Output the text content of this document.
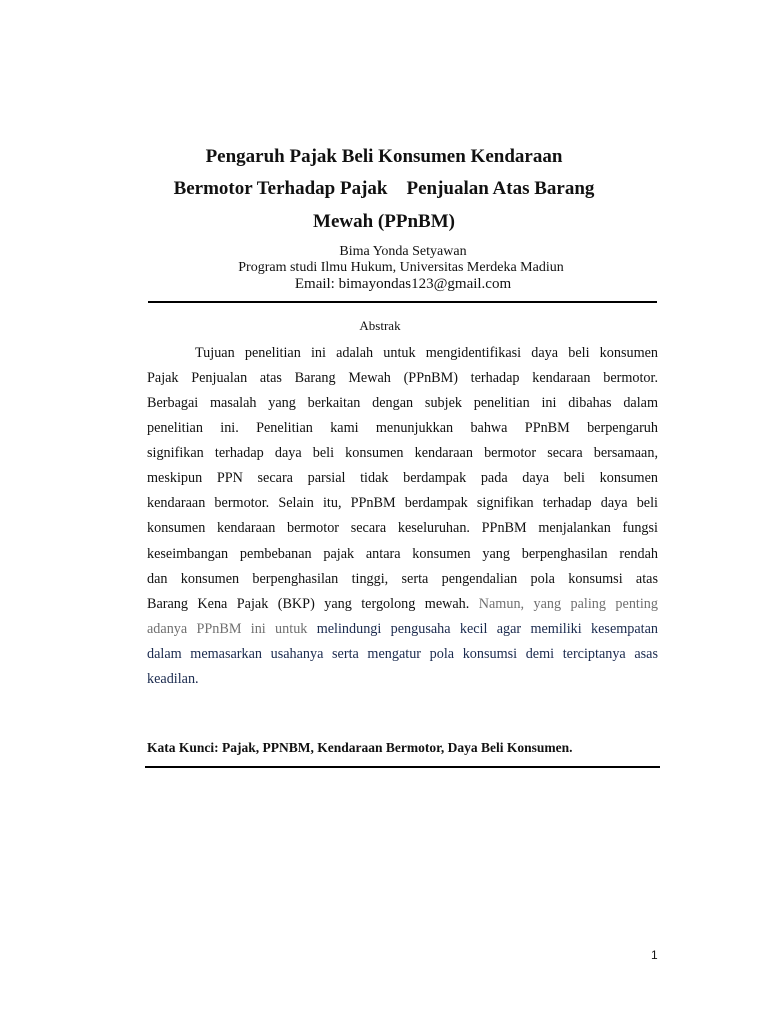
Pengaruh Pajak Beli Konsumen Kendaraan
Bermotor Terhadap Pajak    Penjualan Atas Barang
Mewah (PPnBM)
Bima Yonda Setyawan
Program studi Ilmu Hukum, Universitas Merdeka Madiun
Email: bimayondas123@gmail.com
Abstrak
Tujuan penelitian ini adalah untuk mengidentifikasi daya beli konsumen
Pajak Penjualan atas Barang Mewah (PPnBM) terhadap kendaraan bermotor.
Berbagai masalah yang berkaitan dengan subjek penelitian ini dibahas dalam
penelitian ini. Penelitian kami menunjukkan bahwa PPnBM berpengaruh
signifikan terhadap daya beli konsumen kendaraan bermotor secara bersamaan,
meskipun PPN secara parsial tidak berdampak pada daya beli konsumen
kendaraan bermotor. Selain itu, PPnBM berdampak signifikan terhadap daya beli
konsumen kendaraan bermotor secara keseluruhan. PPnBM menjalankan fungsi
keseimbangan pembebanan pajak antara konsumen yang berpenghasilan rendah
dan konsumen berpenghasilan tinggi, serta pengendalian pola konsumsi atas
Barang Kena Pajak (BKP) yang tergolong mewah. Namun, yang paling penting
adanya PPnBM ini untuk melindungi pengusaha kecil agar memiliki kesempatan
dalam memasarkan usahanya serta mengatur pola konsumsi demi terciptanya asas
keadilan.
Kata Kunci: Pajak, PPNBM, Kendaraan Bermotor, Daya Beli Konsumen.
1
